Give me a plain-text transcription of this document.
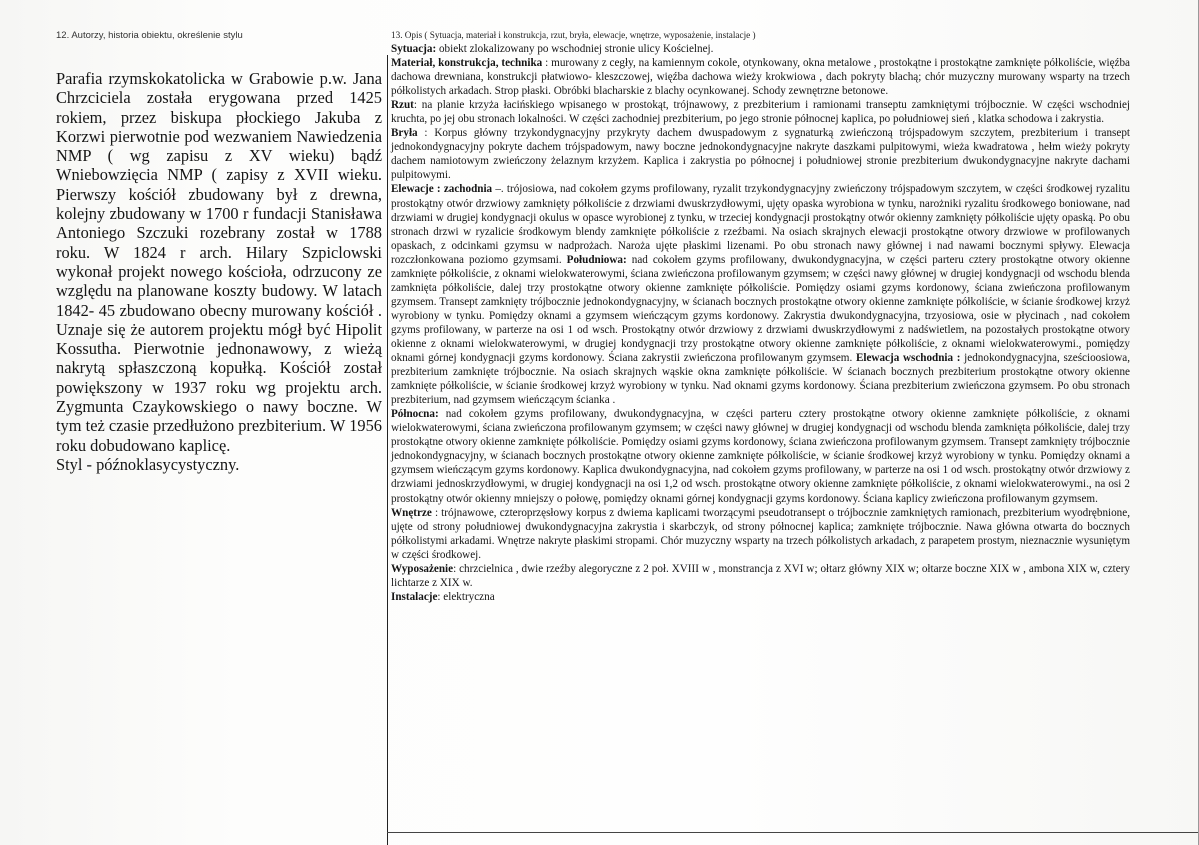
12. Autorzy, historia obiektu, określenie stylu

Parafia rzymskokatolicka w Grabowie p.w. Jana Chrzciciela została erygowana przed 1425 rokiem, przez biskupa płockiego Jakuba z Korzwi pierwotnie pod wezwaniem Nawiedzenia NMP ( wg zapisu z XV wieku) bądź Wniebowzięcia NMP ( zapisy z XVII wieku. Pierwszy kościół zbudowany był z drewna, kolejny zbudowany w 1700 r fundacji Stanisława Antoniego Szczuki rozebrany został w 1788 roku. W 1824 r arch. Hilary Szpiclowski wykonał projekt nowego kościoła, odrzucony ze względu na planowane koszty budowy. W latach 1842- 45 zbudowano obecny murowany kościół . Uznaje się że autorem projektu mógł być Hipolit Kossutha. Pierwotnie jednonawowy, z wieżą nakrytą spłaszczoną kopułką. Kościół został powiększony w 1937 roku wg projektu arch. Zygmunta Czaykowskiego o nawy boczne. W tym też czasie przedłużono prezbiterium. W 1956 roku dobudowano kaplicę.

Styl - późnoklasycystyczny.

13. Opis ( Sytuacja, materiał i konstrukcja, rzut, bryła, elewacje, wnętrze, wyposażenie, instalacje )

Sytuacja: obiekt zlokalizowany po wschodniej stronie ulicy Kościelnej.

Materiał, konstrukcja, technika : murowany z cegły, na kamiennym cokole, otynkowany, okna metalowe , prostokątne i prostokątne zamknięte półkoliście, więźba dachowa drewniana, konstrukcji płatwiowo- kleszczowej, więźba dachowa wieży krokwiowa , dach pokryty blachą; chór muzyczny murowany wsparty na trzech półkolistych arkadach. Strop płaski. Obróbki blacharskie z blachy ocynkowanej. Schody zewnętrzne betonowe.

Rzut: na planie krzyża łacińskiego wpisanego w prostokąt, trójnawowy, z prezbiterium i ramionami transeptu zamkniętymi trójbocznie. W części wschodniej kruchta, po jej obu stronach lokalności. W części zachodniej prezbiterium, po jego stronie północnej kaplica, po południowej sień , klatka schodowa i zakrystia.

Bryła : Korpus główny trzykondygnacyjny przykryty dachem dwuspadowym z sygnaturką zwieńczoną trójspadowym szczytem, prezbiterium i transept jednokondygnacyjny pokryte dachem trójspadowym, nawy boczne jednokondygnacyjne nakryte daszkami pulpitowymi, wieża kwadratowa , hełm wieży pokryty dachem namiotowym zwieńczony żelaznym krzyżem. Kaplica i zakrystia po północnej i południowej stronie prezbiterium dwukondygnacyjne nakryte dachami pulpitowymi.

Elewacje : zachodnia –. trójosiowa, nad cokołem gzyms profilowany, ryzalit trzykondygnacyjny zwieńczony trójspadowym szczytem, w części środkowej ryzalitu prostokątny otwór drzwiowy zamknięty półkoliście z drzwiami dwuskrzydłowymi, ujęty opaska wyrobiona w tynku, narożniki ryzalitu środkowego boniowane, nad drzwiami w drugiej kondygnacji okulus w opasce wyrobionej z tynku, w trzeciej kondygnacji prostokątny otwór okienny zamknięty półkoliście ujęty opaską. Po obu stronach drzwi w ryzalicie środkowym blendy zamknięte półkoliście z rzeźbami. Na osiach skrajnych elewacji prostokątne otwory drzwiowe w profilowanych opaskach, z odcinkami gzymsu w nadprożach. Naroża ujęte płaskimi lizenami. Po obu stronach nawy głównej i nad nawami bocznymi spływy. Elewacja rozczłonkowana poziomo gzymsami. Południowa: nad cokołem gzyms profilowany, dwukondygnacyjna, w części parteru cztery prostokątne otwory okienne zamknięte półkoliście, z oknami wielokwaterowymi, ściana zwieńczona profilowanym gzymsem; w części nawy głównej w drugiej kondygnacji od wschodu blenda zamknięta półkoliście, dalej trzy prostokątne otwory okienne zamknięte półkoliście. Pomiędzy osiami gzyms kordonowy, ściana zwieńczona profilowanym gzymsem. Transept zamknięty trójbocznie jednokondygnacyjny, w ścianach bocznych prostokątne otwory okienne zamknięte półkoliście, w ścianie środkowej krzyż wyrobiony w tynku. Pomiędzy oknami a gzymsem wieńczącym gzyms kordonowy. Zakrystia dwukondygnacyjna, trzyosiowa, osie w płycinach , nad cokołem gzyms profilowany, w parterze na osi 1 od wsch. Prostokątny otwór drzwiowy z drzwiami dwuskrzydłowymi z nadświetlem, na pozostałych prostokątne otwory okienne z oknami wielokwaterowymi, w drugiej kondygnacji trzy prostokątne otwory okienne zamknięte półkoliście, z oknami wielokwaterowymi., pomiędzy oknami górnej kondygnacji gzyms kordonowy. Ściana zakrystii zwieńczona profilowanym gzymsem. Elewacja wschodnia : jednokondygnacyjna, sześcioosiowa, prezbiterium zamknięte trójbocznie. Na osiach skrajnych wąskie okna zamknięte półkoliście. W ścianach bocznych prezbiterium prostokątne otwory okienne zamknięte półkoliście, w ścianie środkowej krzyż wyrobiony w tynku. Nad oknami gzyms kordonowy. Ściana prezbiterium zwieńczona gzymsem. Po obu stronach prezbiterium, nad gzymsem wieńczącym ścianka .

Północna: nad cokołem gzyms profilowany, dwukondygnacyjna, w części parteru cztery prostokątne otwory okienne zamknięte półkoliście, z oknami wielokwaterowymi, ściana zwieńczona profilowanym gzymsem; w części nawy głównej w drugiej kondygnacji od wschodu blenda zamknięta półkoliście, dalej trzy prostokątne otwory okienne zamknięte półkoliście. Pomiędzy osiami gzyms kordonowy, ściana zwieńczona profilowanym gzymsem. Transept zamknięty trójbocznie jednokondygnacyjny, w ścianach bocznych prostokątne otwory okienne zamknięte półkoliście, w ścianie środkowej krzyż wyrobiony w tynku. Pomiędzy oknami a gzymsem wieńczącym gzyms kordonowy. Kaplica dwukondygnacyjna, nad cokołem gzyms profilowany, w parterze na osi 1 od wsch. prostokątny otwór drzwiowy z drzwiami jednoskrzydłowymi, w drugiej kondygnacji na osi 1,2 od wsch. prostokątne otwory okienne zamknięte półkoliście, z oknami wielokwaterowymi., na osi 2 prostokątny otwór okienny mniejszy o połowę, pomiędzy oknami górnej kondygnacji gzyms kordonowy. Ściana kaplicy zwieńczona profilowanym gzymsem.

Wnętrze : trójnawowe, czteroprzęsłowy korpus z dwiema kaplicami tworzącymi pseudotransept o trójbocznie zamkniętych ramionach, prezbiterium wyodrębnione, ujęte od strony południowej dwukondygnacyjna zakrystia i skarbczyk, od strony północnej kaplica; zamknięte trójbocznie. Nawa główna otwarta do bocznych półkolistymi arkadami. Wnętrze nakryte płaskimi stropami. Chór muzyczny wsparty na trzech półkolistych arkadach, z parapetem prostym, nieznacznie wysuniętym w części środkowej.

Wyposażenie: chrzcielnica , dwie rzeźby alegoryczne z 2 poł. XVIII w , monstrancja z XVI w; ołtarz główny XIX w; ołtarze boczne XIX w , ambona XIX w, cztery lichtarze z XIX w.

Instalacje: elektryczna
